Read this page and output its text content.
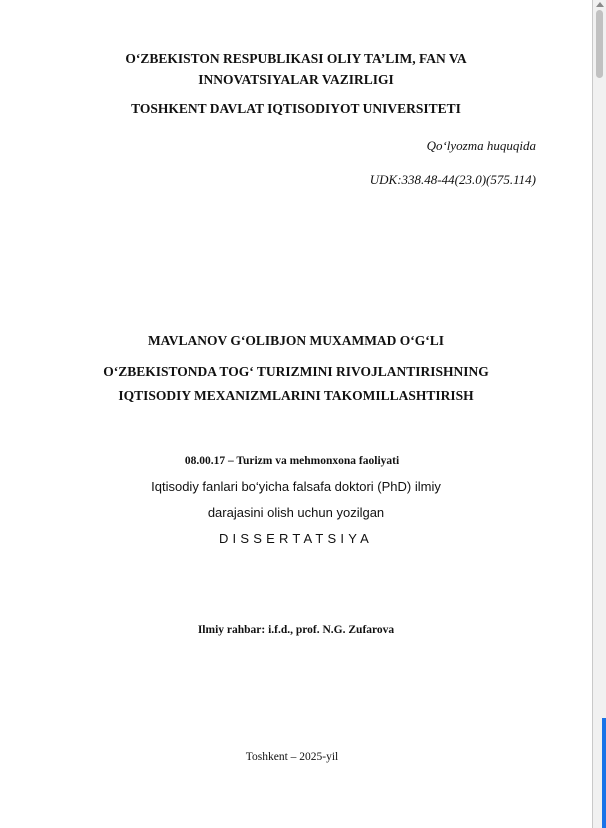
O‘ZBEKISTON RESPUBLIKASI OLIY TA’LIM, FAN VA
INNOVATSIYALAR VAZIRLIGI
TOSHKENT DAVLAT IQTISODIYOT UNIVERSITETI
Qo‘lyozma huquqida
UDK:338.48-44(23.0)(575.114)
MAVLANOV G‘OLIBJON MUXAMMAD O‘G‘LI
O‘ZBEKISTONDA TOG‘ TURIZMINI RIVOJLANTIRISHNING
IQTISODIY MEXANIZMLARINI TAKOMILLASHTIRISH
08.00.17 – Turizm va mehmonxona faoliyati
Iqtisodiy fanlari bo‘yicha falsafa doktori (PhD) ilmiy
darajasini olish uchun yozilgan
DISSERTATSIYA
Ilmiy rahbar: i.f.d., prof. N.G. Zufarova
Toshkent – 2025-yil
